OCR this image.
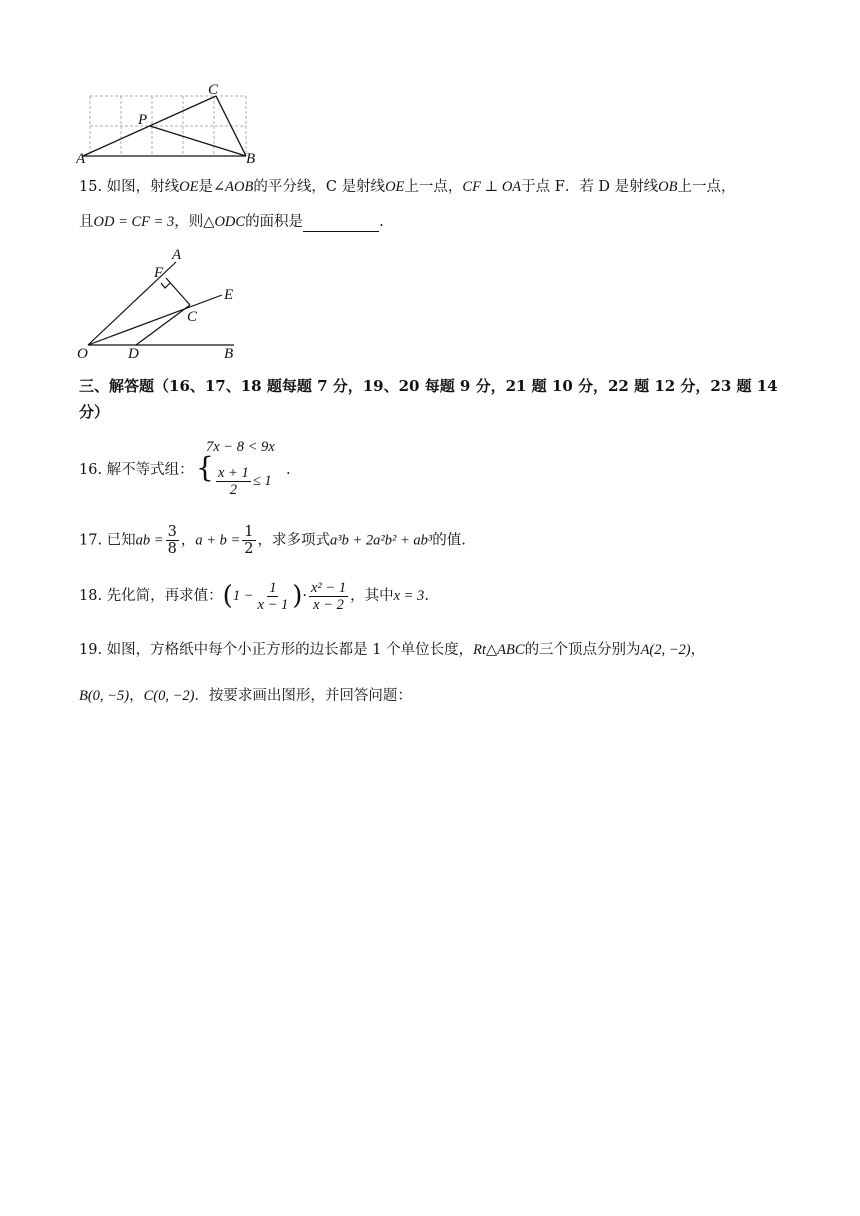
C
P
A	B
15. 如图，射线OE是∠AOB的平分线，C 是射线OE上一点，CF ⊥ OA于点 F．若 D 是射线OB上一点，
且OD = CF = 3，则△ODC的面积是	.
A
F
E
C
O	D	B
三、解答题（16、17、18 题每题 7 分，19、20 每题 9 分，21 题 10 分，22 题 12 分，23 题 14
分）
16. 解不等式组： {
7x − 8 < 9x
$\frac{x + 1}{2} \le 1$
.
17. 已知ab = $\frac{3}{8}$ ，$a + b = \frac{1}{2}$ ，求多项式a³b + 2a²b² + ab³的值.
18. 先化简，再求值：($1 - \frac{1}{x - 1}$ )· $\frac{\text{x² − 1}}{x - 2}$ ，其中x = 3.
19. 如图，方格纸中每个小正方形的边长都是 1 个单位长度，Rt△ABC的三个顶点分别为A(2, −2)，
B(0, −5)，C(0, −2)．按要求画出图形，并回答问题：
